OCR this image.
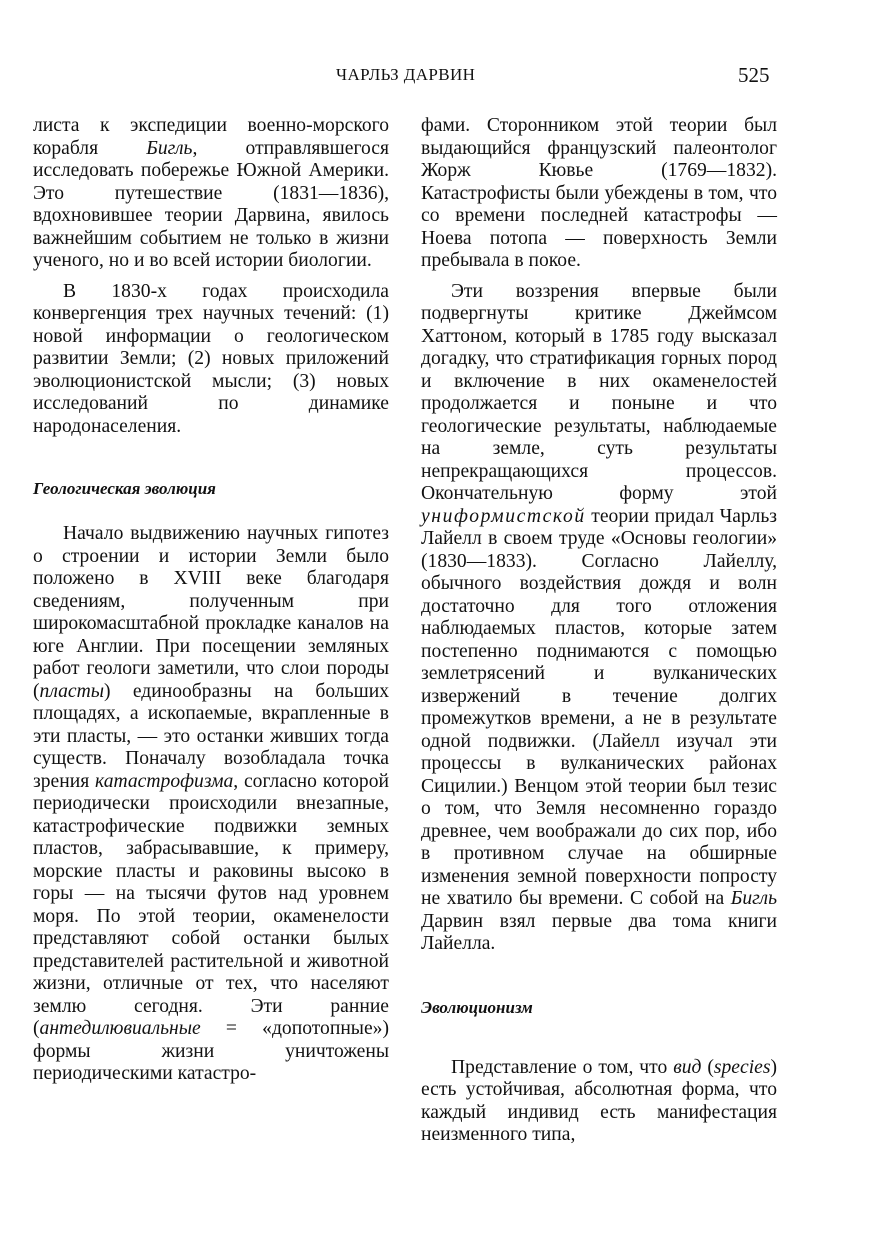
ЧАРЛЬЗ ДАРВИН	525

листа к экспедиции военно-морского корабля Бигль, отправлявшегося исследовать побережье Южной Америки. Это путешествие (1831—1836), вдохновившее теории Дарвина, явилось важнейшим событием не только в жизни ученого, но и во всей истории биологии.

В 1830-х годах происходила конвергенция трех научных течений: (1) новой информации о геологическом развитии Земли; (2) новых приложений эволюционистской мысли; (3) новых исследований по динамике народонаселения.

Геологическая эволюция

Начало выдвижению научных гипотез о строении и истории Земли было положено в XVIII веке благодаря сведениям, полученным при широкомасштабной прокладке каналов на юге Англии. При посещении земляных работ геологи заметили, что слои породы (пласты) единообразны на больших площадях, а ископаемые, вкрапленные в эти пласты, — это останки живших тогда существ. Поначалу возобладала точка зрения катастрофизма, согласно которой периодически происходили внезапные, катастрофические подвижки земных пластов, забрасывавшие, к примеру, морские пласты и раковины высоко в горы — на тысячи футов над уровнем моря. По этой теории, окаменелости представляют собой останки былых представителей растительной и животной жизни, отличные от тех, что населяют землю сегодня. Эти ранние (антедилювиальные = «допотопные») формы жизни уничтожены периодическими катастро-

фами. Сторонником этой теории был выдающийся французский палеонтолог Жорж Кювье (1769—1832). Катастрофисты были убеждены в том, что со времени последней катастрофы — Ноева потопа — поверхность Земли пребывала в покое.

Эти воззрения впервые были подвергнуты критике Джеймсом Хаттоном, который в 1785 году высказал догадку, что стратификация горных пород и включение в них окаменелостей продолжается и поныне и что геологические результаты, наблюдаемые на земле, суть результаты непрекращающихся процессов. Окончательную форму этой униформистской теории придал Чарльз Лайелл в своем труде «Основы геологии» (1830—1833). Согласно Лайеллу, обычного воздействия дождя и волн достаточно для того отложения наблюдаемых пластов, которые затем постепенно поднимаются с помощью землетрясений и вулканических извержений в течение долгих промежутков времени, а не в результате одной подвижки. (Лайелл изучал эти процессы в вулканических районах Сицилии.) Венцом этой теории был тезис о том, что Земля несомненно гораздо древнее, чем воображали до сих пор, ибо в противном случае на обширные изменения земной поверхности попросту не хватило бы времени. С собой на Бигль Дарвин взял первые два тома книги Лайелла.

Эволюционизм

Представление о том, что вид (species) есть устойчивая, абсолютная форма, что каждый индивид есть манифестация неизменного типа,
